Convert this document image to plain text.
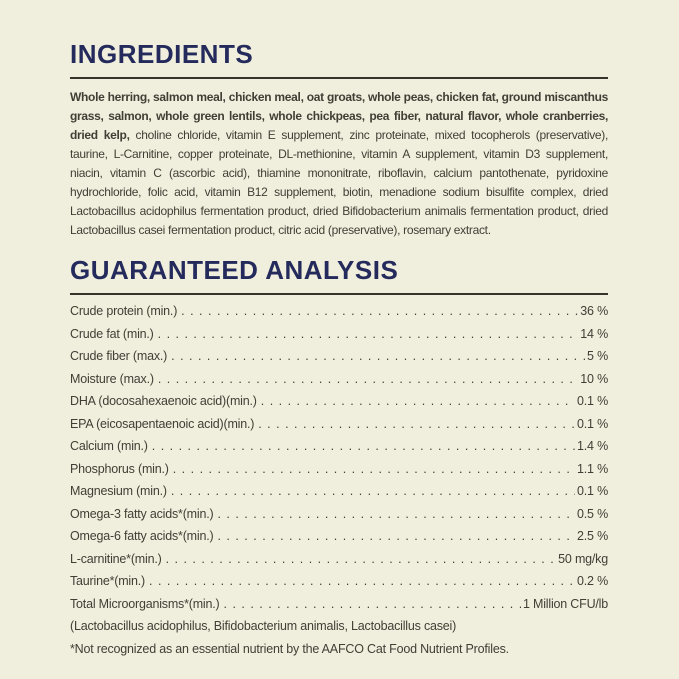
INGREDIENTS

Whole herring, salmon meal, chicken meal, oat groats, whole peas, chicken fat, ground miscanthus grass, salmon, whole green lentils, whole chickpeas, pea fiber, natural flavor, whole cranberries, dried kelp, choline chloride, vitamin E supplement, zinc proteinate, mixed tocopherols (preservative), taurine, L-Carnitine, copper proteinate, DL-methionine, vitamin A supplement, vitamin D3 supplement, niacin, vitamin C (ascorbic acid), thiamine mononitrate, riboflavin, calcium pantothenate, pyridoxine hydrochloride, folic acid, vitamin B12 supplement, biotin, menadione sodium bisulfite complex, dried Lactobacillus acidophilus fermentation product, dried Bifidobacterium animalis fermentation product, dried Lactobacillus casei fermentation product, citric acid (preservative), rosemary extract.

GUARANTEED ANALYSIS
Crude protein (min.) . . .	36 %
Crude fat (min.) . . .	14 %
Crude fiber (max.) . . .	5 %
Moisture (max.) . . .	10 %
DHA (docosahexaenoic acid)(min.) . . .	0.1 %
EPA (eicosapentaenoic acid)(min.) . . .	0.1 %
Calcium (min.) . . .	1.4 %
Phosphorus (min.) . . .	1.1 %
Magnesium (min.) . . .	0.1 %
Omega-3 fatty acids*(min.) . . .	0.5 %
Omega-6 fatty acids*(min.) . . .	2.5 %
L-carnitine*(min.) . . .	50 mg/kg
Taurine*(min.) . . .	0.2 %
Total Microorganisms*(min.) . . .	1 Million CFU/lb
(Lactobacillus acidophilus, Bifidobacterium animalis, Lactobacillus casei)
*Not recognized as an essential nutrient by the AAFCO Cat Food Nutrient Profiles.
